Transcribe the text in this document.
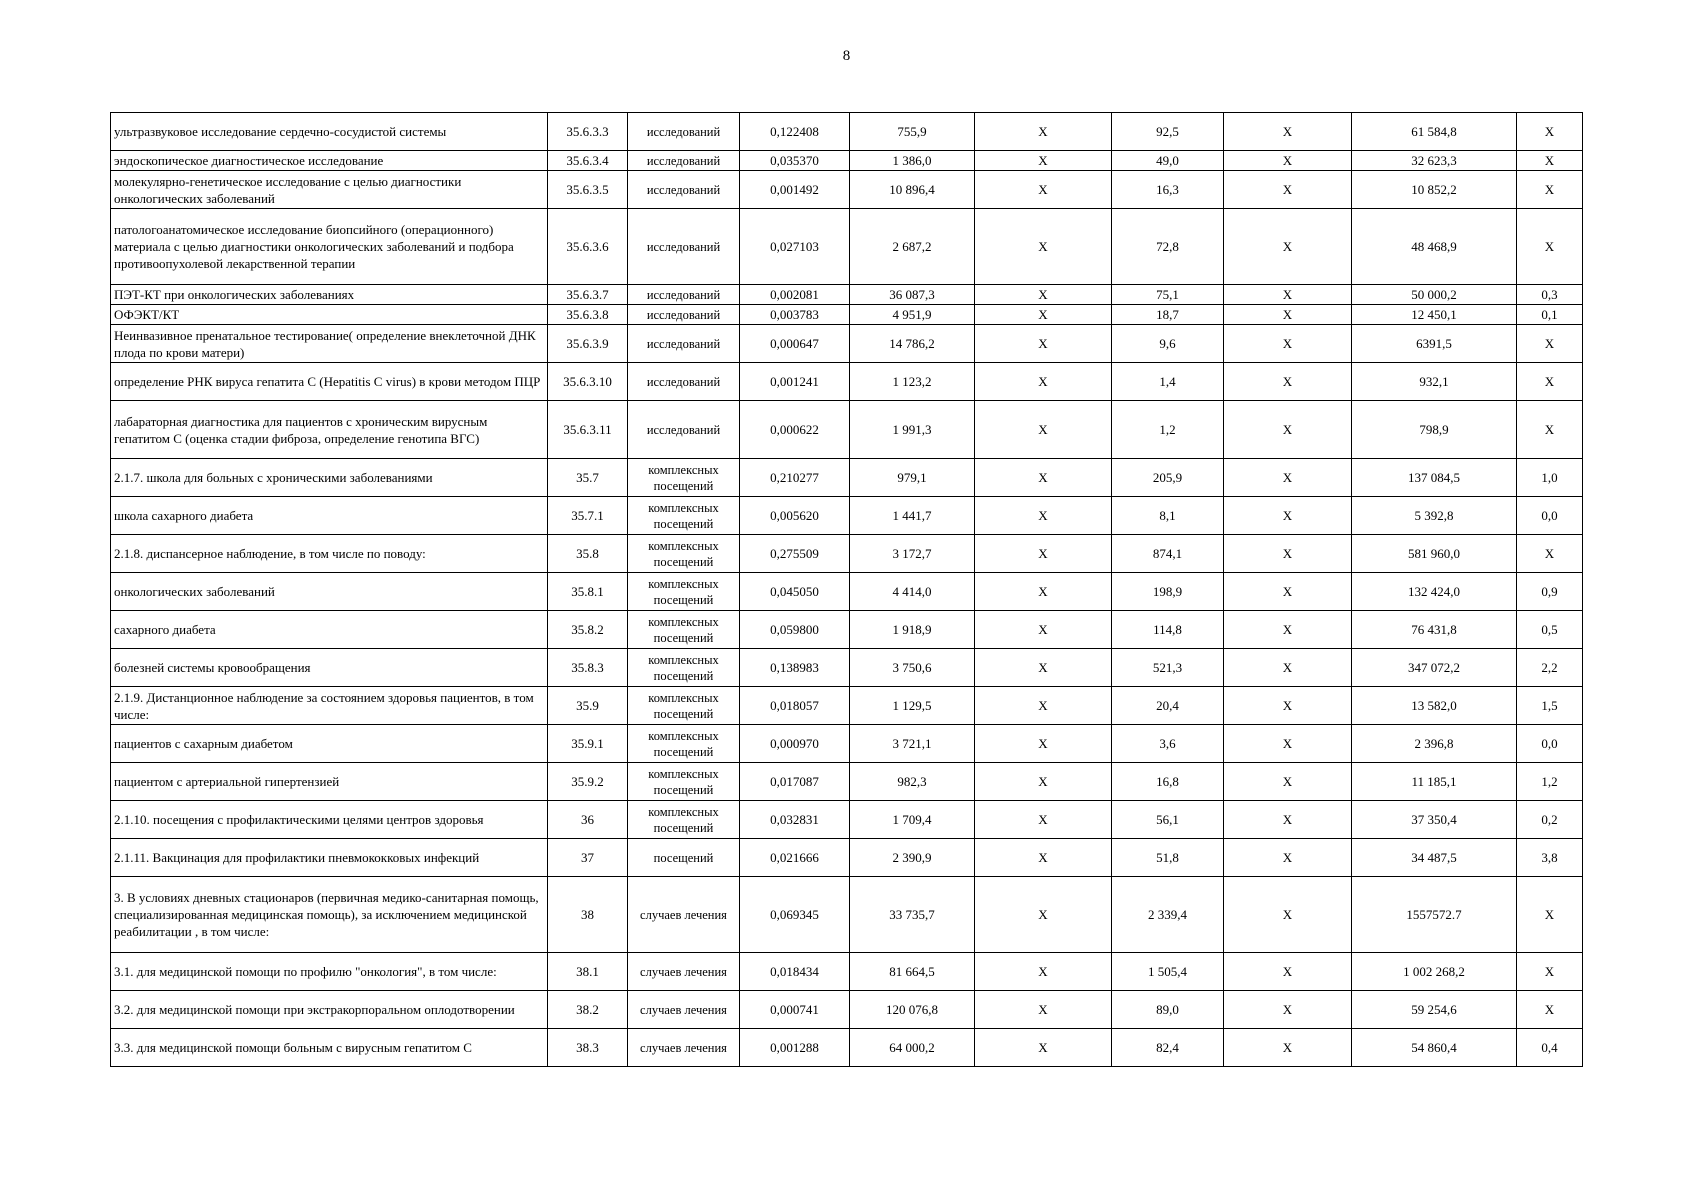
8
ультразвуковое исследование сердечно-сосудистой системы	35.6.3.3	исследований	0,122408	755,9	X	92,5	X	61 584,8	X
эндоскопическое диагностическое исследование	35.6.3.4	исследований	0,035370	1 386,0	X	49,0	X	32 623,3	X
молекулярно-генетическое исследование с целью диагностики онкологических заболеваний	35.6.3.5	исследований	0,001492	10 896,4	X	16,3	X	10 852,2	X
патологоанатомическое исследование биопсийного (операционного) материала с целью диагностики онкологических заболеваний и подбора противоопухолевой лекарственной терапии	35.6.3.6	исследований	0,027103	2 687,2	X	72,8	X	48 468,9	X
ПЭТ-КТ при онкологических заболеваниях	35.6.3.7	исследований	0,002081	36 087,3	X	75,1	X	50 000,2	0,3
ОФЭКТ/КТ	35.6.3.8	исследований	0,003783	4 951,9	X	18,7	X	12 450,1	0,1
Неинвазивное пренатальное тестирование( определение внеклеточной ДНК плода по крови матери)	35.6.3.9	исследований	0,000647	14 786,2	X	9,6	X	6391,5	X
определение РНК вируса гепатита С (Hepatitis C virus) в крови методом ПЦР	35.6.3.10	исследований	0,001241	1 123,2	X	1,4	X	932,1	X
лабараторная диагностика для пациентов с хроническим вирусным гепатитом С (оценка стадии фиброза, определение генотипа ВГС)	35.6.3.11	исследований	0,000622	1 991,3	X	1,2	X	798,9	X
2.1.7. школа для больных с хроническими заболеваниями	35.7	комплексных посещений	0,210277	979,1	X	205,9	X	137 084,5	1,0
школа сахарного диабета	35.7.1	комплексных посещений	0,005620	1 441,7	X	8,1	X	5 392,8	0,0
2.1.8. диспансерное наблюдение, в том числе по поводу:	35.8	комплексных посещений	0,275509	3 172,7	X	874,1	X	581 960,0	X
онкологических заболеваний	35.8.1	комплексных посещений	0,045050	4 414,0	X	198,9	X	132 424,0	0,9
сахарного диабета	35.8.2	комплексных посещений	0,059800	1 918,9	X	114,8	X	76 431,8	0,5
болезней системы кровообращения	35.8.3	комплексных посещений	0,138983	3 750,6	X	521,3	X	347 072,2	2,2
2.1.9. Дистанционное наблюдение за состоянием здоровья пациентов, в том числе:	35.9	комплексных посещений	0,018057	1 129,5	X	20,4	X	13 582,0	1,5
пациентов с сахарным диабетом	35.9.1	комплексных посещений	0,000970	3 721,1	X	3,6	X	2 396,8	0,0
пациентом с артериальной гипертензией	35.9.2	комплексных посещений	0,017087	982,3	X	16,8	X	11 185,1	1,2
2.1.10. посещения с профилактическими целями центров здоровья	36	комплексных посещений	0,032831	1 709,4	X	56,1	X	37 350,4	0,2
2.1.11. Вакцинация для профилактики пневмококковых инфекций	37	посещений	0,021666	2 390,9	X	51,8	X	34 487,5	3,8
3. В условиях дневных стационаров (первичная медико-санитарная помощь, специализированная медицинская помощь), за исключением медицинской реабилитации , в том числе:	38	случаев лечения	0,069345	33 735,7	X	2 339,4	X	1557572.7	X
3.1. для медицинской помощи по профилю "онкология", в том числе:	38.1	случаев лечения	0,018434	81 664,5	X	1 505,4	X	1 002 268,2	X
3.2. для медицинской помощи при экстракорпоральном оплодотворении	38.2	случаев лечения	0,000741	120 076,8	X	89,0	X	59 254,6	X
3.3. для медицинской помощи больным с вирусным гепатитом С	38.3	случаев лечения	0,001288	64 000,2	X	82,4	X	54 860,4	0,4
